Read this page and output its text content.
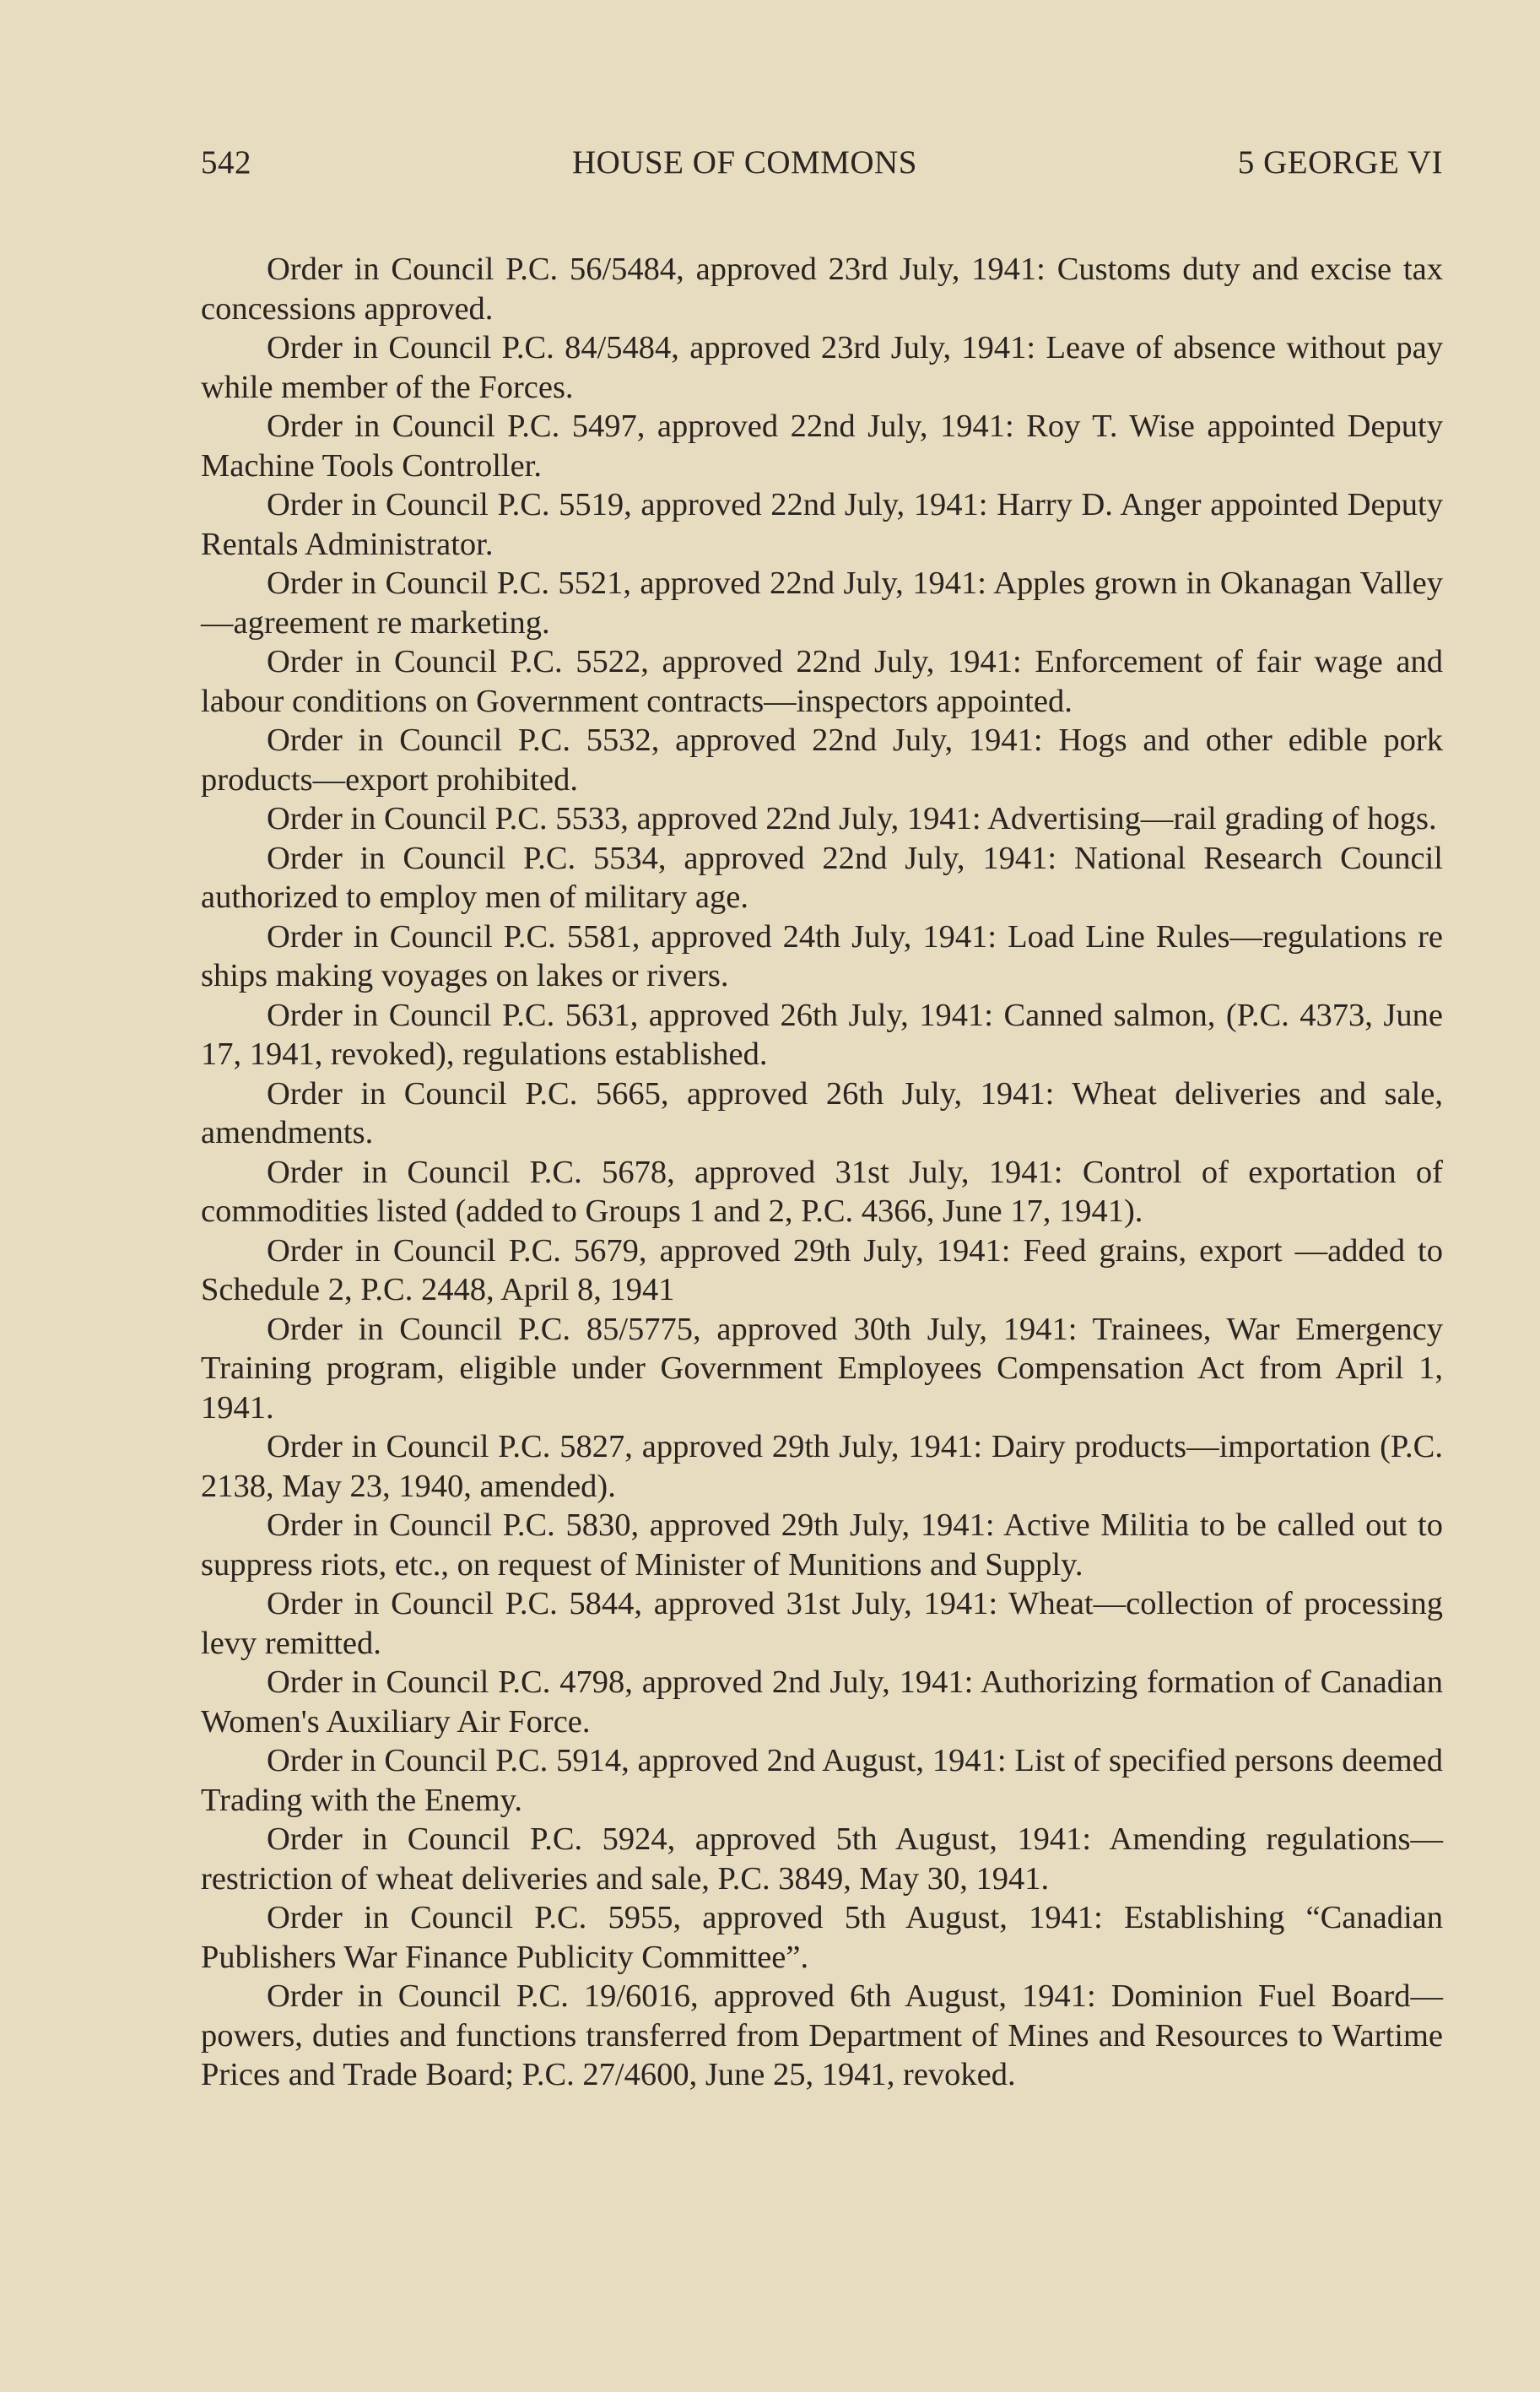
542	HOUSE OF COMMONS	5 GEORGE VI

Order in Council P.C. 56/5484, approved 23rd July, 1941: Customs duty and excise tax concessions approved.

Order in Council P.C. 84/5484, approved 23rd July, 1941: Leave of absence without pay while member of the Forces.

Order in Council P.C. 5497, approved 22nd July, 1941: Roy T. Wise appointed Deputy Machine Tools Controller.

Order in Council P.C. 5519, approved 22nd July, 1941: Harry D. Anger appointed Deputy Rentals Administrator.

Order in Council P.C. 5521, approved 22nd July, 1941: Apples grown in Okanagan Valley—agreement re marketing.

Order in Council P.C. 5522, approved 22nd July, 1941: Enforcement of fair wage and labour conditions on Government contracts—inspectors appointed.

Order in Council P.C. 5532, approved 22nd July, 1941: Hogs and other edible pork products—export prohibited.

Order in Council P.C. 5533, approved 22nd July, 1941: Advertising—rail grading of hogs.

Order in Council P.C. 5534, approved 22nd July, 1941: National Research Council authorized to employ men of military age.

Order in Council P.C. 5581, approved 24th July, 1941: Load Line Rules—regulations re ships making voyages on lakes or rivers.

Order in Council P.C. 5631, approved 26th July, 1941: Canned salmon, (P.C. 4373, June 17, 1941, revoked), regulations established.

Order in Council P.C. 5665, approved 26th July, 1941: Wheat deliveries and sale, amendments.

Order in Council P.C. 5678, approved 31st July, 1941: Control of exportation of commodities listed (added to Groups 1 and 2, P.C. 4366, June 17, 1941).

Order in Council P.C. 5679, approved 29th July, 1941: Feed grains, export —added to Schedule 2, P.C. 2448, April 8, 1941

Order in Council P.C. 85/5775, approved 30th July, 1941: Trainees, War Emergency Training program, eligible under Government Employees Compensation Act from April 1, 1941.

Order in Council P.C. 5827, approved 29th July, 1941: Dairy products—importation (P.C. 2138, May 23, 1940, amended).

Order in Council P.C. 5830, approved 29th July, 1941: Active Militia to be called out to suppress riots, etc., on request of Minister of Munitions and Supply.

Order in Council P.C. 5844, approved 31st July, 1941: Wheat—collection of processing levy remitted.

Order in Council P.C. 4798, approved 2nd July, 1941: Authorizing formation of Canadian Women's Auxiliary Air Force.

Order in Council P.C. 5914, approved 2nd August, 1941: List of specified persons deemed Trading with the Enemy.

Order in Council P.C. 5924, approved 5th August, 1941: Amending regulations—restriction of wheat deliveries and sale, P.C. 3849, May 30, 1941.

Order in Council P.C. 5955, approved 5th August, 1941: Establishing “Canadian Publishers War Finance Publicity Committee”.

Order in Council P.C. 19/6016, approved 6th August, 1941: Dominion Fuel Board—powers, duties and functions transferred from Department of Mines and Resources to Wartime Prices and Trade Board; P.C. 27/4600, June 25, 1941, revoked.
